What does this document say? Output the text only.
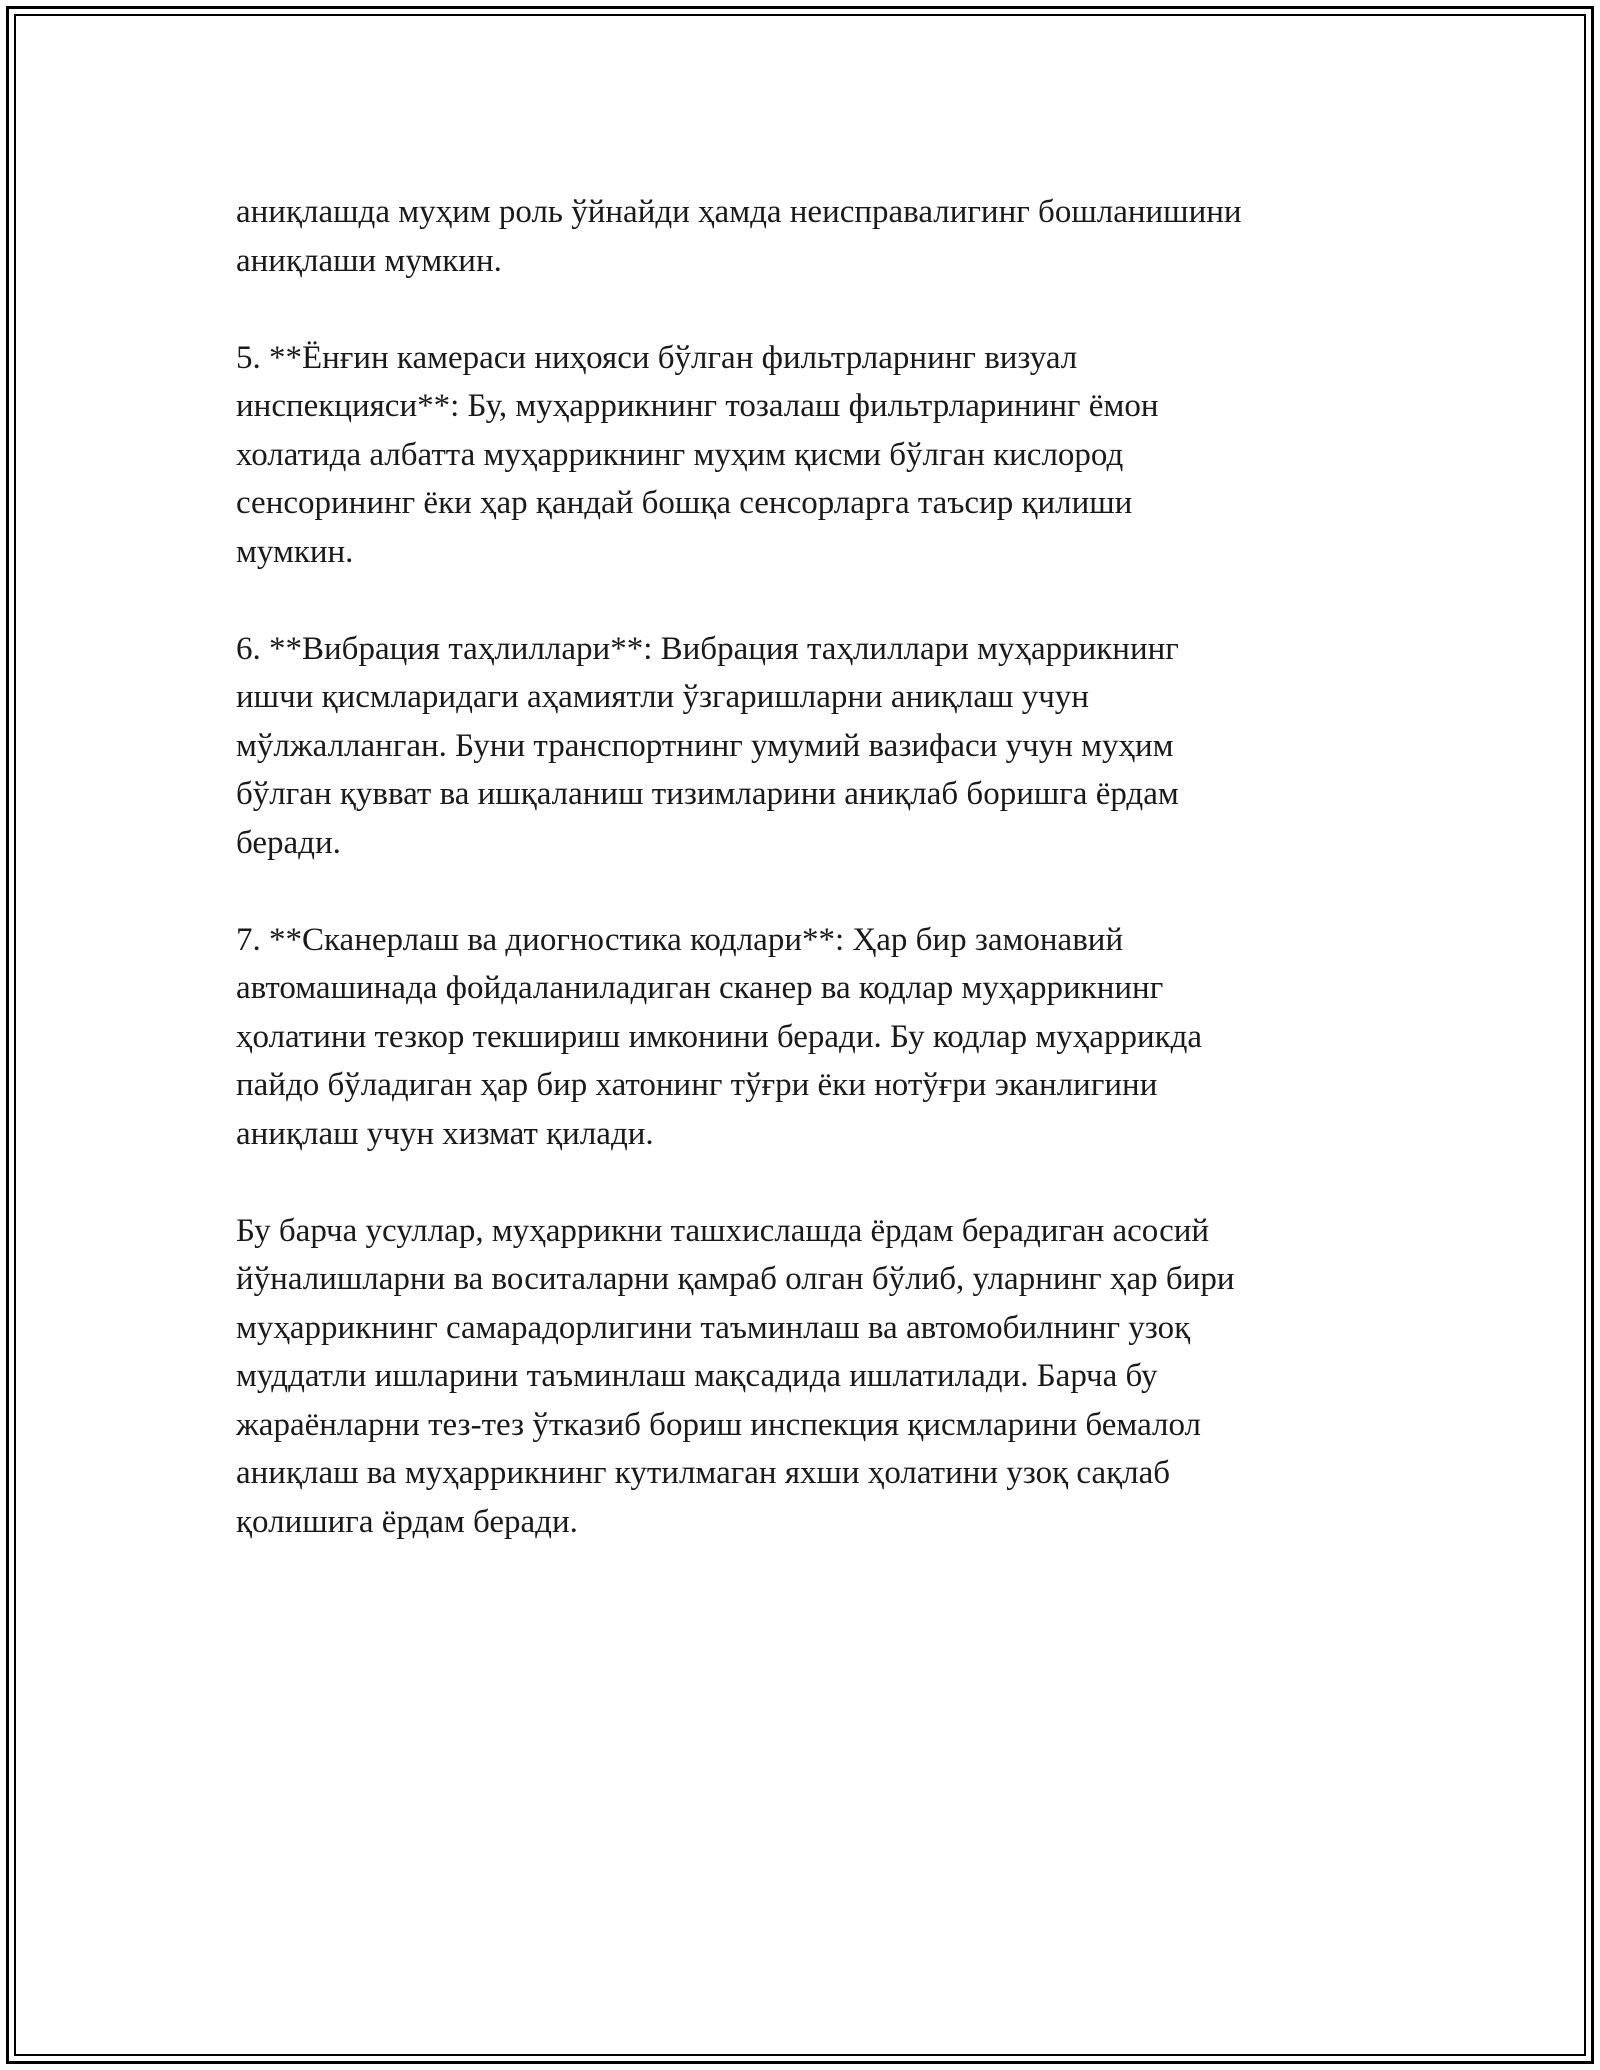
аниқлашда муҳим роль ўйнайди ҳамда неисправалигинг бошланишини
аниқлаши мумкин.

5. **Ёнғин камераси ниҳояси бўлган фильтрларнинг визуал
инспекцияси**: Бу, муҳаррикнинг тозалаш фильтрларининг ёмон
холатида албатта муҳаррикнинг муҳим қисми бўлган кислород
сенсорининг ёки ҳар қандай бошқа сенсорларга таъсир қилиши
мумкин.

6. **Вибрация таҳлиллари**: Вибрация таҳлиллари муҳаррикнинг
ишчи қисмларидаги аҳамиятли ўзгаришларни аниқлаш учун
мўлжалланган. Буни транспортнинг умумий вазифаси учун муҳим
бўлган қувват ва ишқаланиш тизимларини аниқлаб боришга ёрдам
беради.

7. **Сканерлаш ва диогностика кодлари**: Ҳар бир замонавий
автомашинада фойдаланиладиган сканер ва кодлар муҳаррикнинг
ҳолатини тезкор текшириш имконини беради. Бу кодлар муҳаррикда
пайдо бўладиган ҳар бир хатонинг тўғри ёки нотўғри эканлигини
аниқлаш учун хизмат қилади.

Бу барча усуллар, муҳаррикни ташхислашда ёрдам берадиган асосий
йўналишларни ва воситаларни қамраб олган бўлиб, уларнинг ҳар бири
муҳаррикнинг самарадорлигини таъминлаш ва автомобилнинг узоқ
муддатли ишларини таъминлаш мақсадида ишлатилади. Барча бу
жараёнларни тез-тез ўтказиб бориш инспекция қисмларини бемалол
аниқлаш ва муҳаррикнинг кутилмаган яхши ҳолатини узоқ сақлаб
қолишига ёрдам беради.
